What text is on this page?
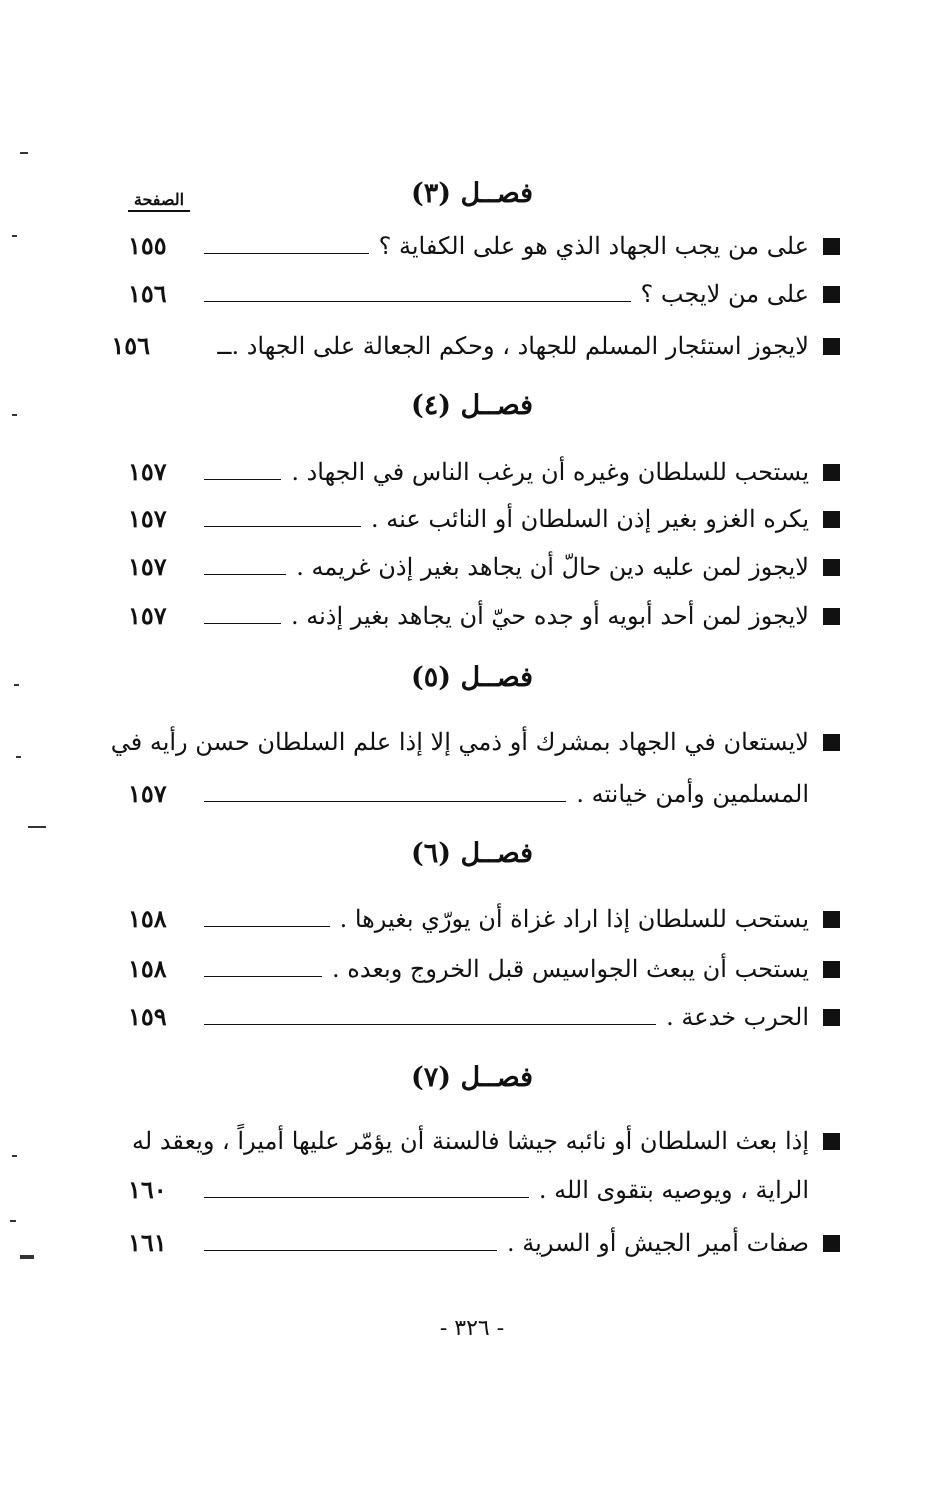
فصــل (٣)
الصفحة
على من يجب الجهاد الذي هو على الكفاية ؟
١٥٥
على من لايجب ؟
١٥٦
لايجوز استئجار المسلم للجهاد ، وحكم الجعالة على الجهاد .ــ
١٥٦
فصــل (٤)
يستحب للسلطان وغيره أن يرغب الناس في الجهاد .
١٥٧
يكره الغزو بغير إذن السلطان أو النائب عنه .
١٥٧
لايجوز لمن عليه دين حالّ أن يجاهد بغير إذن غريمه .
١٥٧
لايجوز لمن أحد أبويه أو جده حيّ أن يجاهد بغير إذنه .
١٥٧
فصــل (٥)
لايستعان في الجهاد بمشرك أو ذمي إلا إذا علم السلطان حسن رأيه في
المسلمين وأمن خيانته .
١٥٧
فصــل (٦)
يستحب للسلطان إذا اراد غزاة أن يورّي بغيرها .
١٥٨
يستحب أن يبعث الجواسيس قبل الخروج وبعده .
١٥٨
الحرب خدعة .
١٥٩
فصــل (٧)
إذا بعث السلطان أو نائبه جيشا فالسنة أن يؤمّر عليها أميراً ، ويعقد له
الراية ، ويوصيه بتقوى الله .
١٦٠
صفات أمير الجيش أو السرية .
١٦١
- ٣٢٦ -
